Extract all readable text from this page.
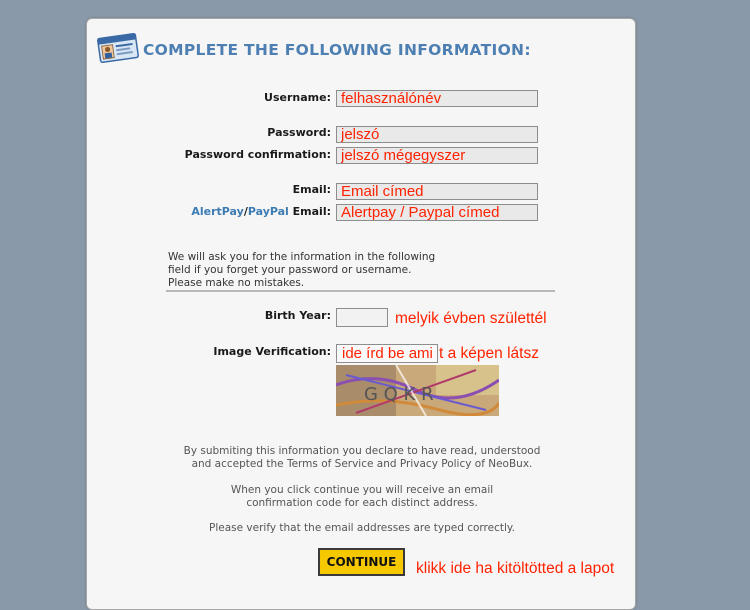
COMPLETE THE FOLLOWING INFORMATION:
Username:
felhasználónév
Password:
jelszó
Password confirmation:
jelszó mégegyszer
Email:
Email címed
AlertPay/PayPal Email:
Alertpay / Paypal címed
We will ask you for the information in the following
field if you forget your password or username.
Please make no mistakes.
Birth Year:	melyik évben születtél
Image Verification:
ide írd be ami	t a képen látsz
G Q K R
By submiting this information you declare to have read, understood
and accepted the Terms of Service and Privacy Policy of NeoBux.
When you click continue you will receive an email
confirmation code for each distinct address.
Please verify that the email addresses are typed correctly.
CONTINUE	klikk ide ha kitöltötted a lapot
